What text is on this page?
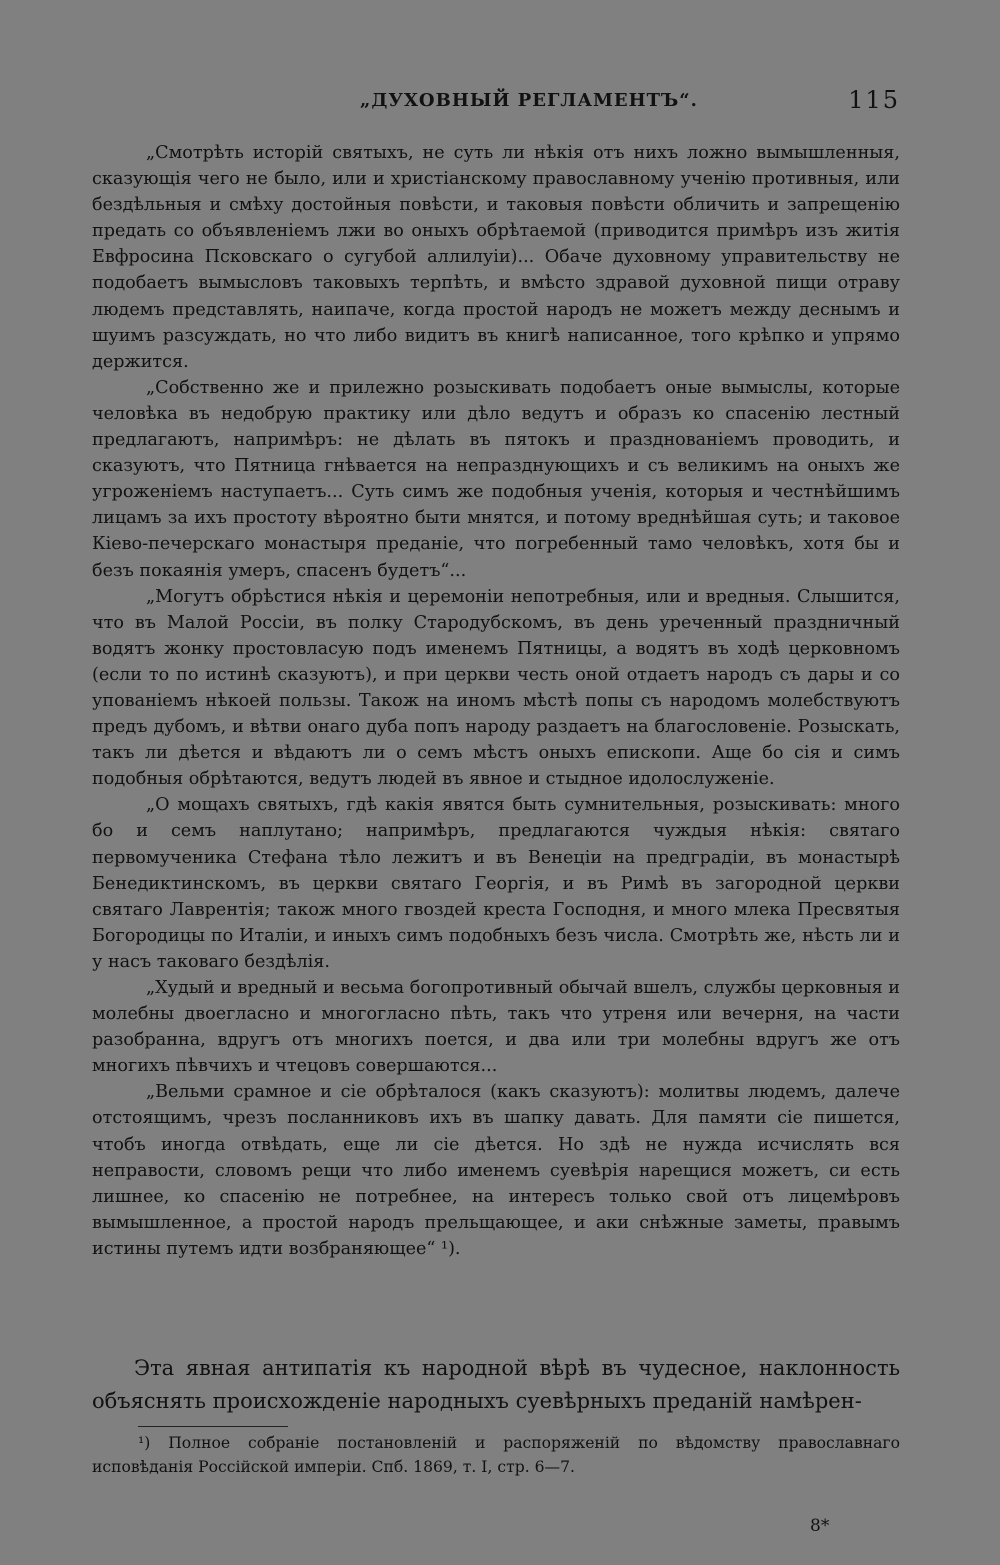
„ДУХОВНЫЙ РЕГЛАМЕНТЪ“.	115

„Смотрѣть исторій святыхъ, не суть ли нѣкія отъ нихъ ложно вымышленныя, сказующія чего не было, или и христіанскому православному ученію противныя, или бездѣльныя и смѣху достойныя повѣсти, и таковыя повѣсти обличить и запрещенію предать со объявленіемъ лжи во оныхъ обрѣтаемой (приводится примѣръ изъ житія Евфросина Псковскаго о сугубой аллилуіи)... Обаче духовному управительству не подобаетъ вымысловъ таковыхъ терпѣть, и вмѣсто здравой духовной пищи отраву людемъ представлять, наипаче, когда простой народъ не можетъ между деснымъ и шуимъ разсуждать, но что либо видитъ въ книгѣ написанное, того крѣпко и упрямо держится.

„Собственно же и прилежно розыскивать подобаетъ оные вымыслы, которые человѣка въ недобрую практику или дѣло ведутъ и образъ ко спасенію лестный предлагаютъ, напримѣръ: не дѣлать въ пятокъ и празднованіемъ проводить, и сказуютъ, что Пятница гнѣвается на непразднующихъ и съ великимъ на оныхъ же угроженіемъ наступаетъ... Суть симъ же подобныя ученія, которыя и честнѣйшимъ лицамъ за ихъ простоту вѣроятно быти мнятся, и потому вреднѣйшая суть; и таковое Кіево-печерскаго монастыря преданіе, что погребенный тамо человѣкъ, хотя бы и безъ покаянія умеръ, спасенъ будетъ“...

„Могутъ обрѣстися нѣкія и церемоніи непотребныя, или и вредныя. Слышится, что въ Малой Россіи, въ полку Стародубскомъ, въ день уреченный праздничный водятъ жонку простовласую подъ именемъ Пятницы, а водятъ въ ходѣ церковномъ (если то по истинѣ сказуютъ), и при церкви честь оной отдаетъ народъ съ дары и со упованіемъ нѣкоей пользы. Також на иномъ мѣстѣ попы съ народомъ молебствуютъ предъ дубомъ, и вѣтви онаго дуба попъ народу раздаетъ на благословеніе. Розыскать, такъ ли дѣется и вѣдаютъ ли о семъ мѣстъ оныхъ епископи. Аще бо сія и симъ подобныя обрѣтаются, ведутъ людей въ явное и стыдное идолослуженіе.

„О мощахъ святыхъ, гдѣ какія явятся быть сумнительныя, розыскивать: много бо и семъ наплутано; напримѣръ, предлагаются чуждыя нѣкія: святаго первомученика Стефана тѣло лежитъ и въ Венеціи на предградіи, въ монастырѣ Бенедиктинскомъ, въ церкви святаго Георгія, и въ Римѣ въ загородной церкви святаго Лаврентія; також много гвоздей креста Господня, и много млека Пресвятыя Богородицы по Италіи, и иныхъ симъ подобныхъ безъ числа. Смотрѣть же, нѣсть ли и у насъ таковаго бездѣлія.

„Худый и вредный и весьма богопротивный обычай вшелъ, службы церковныя и молебны двоегласно и многогласно пѣть, такъ что утреня или вечерня, на части разобранна, вдругъ отъ многихъ поется, и два или три молебны вдругъ же отъ многихъ пѣвчихъ и чтецовъ совершаются...

„Вельми срамное и сіе обрѣталося (какъ сказуютъ): молитвы людемъ, далече отстоящимъ, чрезъ посланниковъ ихъ въ шапку давать. Для памяти сіе пишется, чтобъ иногда отвѣдать, еще ли сіе дѣется. Но здѣ не нужда исчислять вся неправости, словомъ рещи что либо именемъ суевѣрія нарещися можетъ, си есть лишнее, ко спасенію не потребнее, на интересъ только свой отъ лицемѣровъ вымышленное, а простой народъ прельщающее, и аки снѣжные заметы, правымъ истины путемъ идти возбраняющее“ ¹).

Эта явная антипатія къ народной вѣрѣ въ чудесное, наклонность объяснять происхожденіе народныхъ суевѣрныхъ преданій намѣрен-

¹) Полное собраніе постановленій и распоряженій по вѣдомству православнаго исповѣданія Россійской имперіи. Спб. 1869, т. I, стр. 6—7.

8*
